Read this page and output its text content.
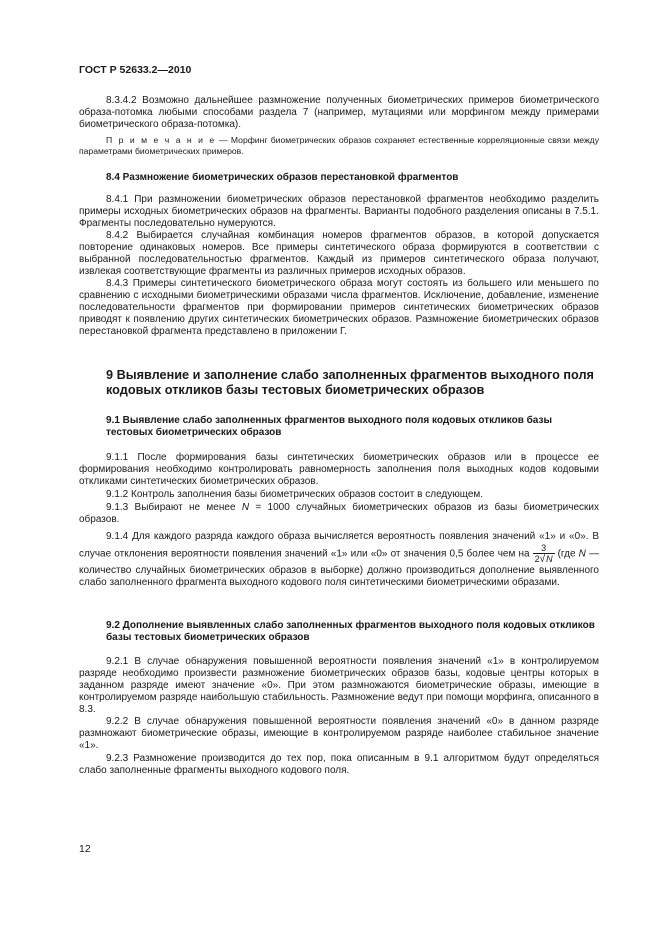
ГОСТ Р 52633.2—2010

8.3.4.2 Возможно дальнейшее размножение полученных биометрических примеров биометрического образа-потомка любыми способами раздела 7 (например, мутациями или морфингом между примерами биометрического образа-потомка).

П р и м е ч а н и е — Морфинг биометрических образов сохраняет естественные корреляционные связи между параметрами биометрических примеров.

8.4 Размножение биометрических образов перестановкой фрагментов

8.4.1 При размножении биометрических образов перестановкой фрагментов необходимо разделить примеры исходных биометрических образов на фрагменты. Варианты подобного разделения описаны в 7.5.1. Фрагменты последовательно нумеруются.

8.4.2 Выбирается случайная комбинация номеров фрагментов образов, в которой допускается повторение одинаковых номеров. Все примеры синтетического образа формируются в соответствии с выбранной последовательностью фрагментов. Каждый из примеров синтетического образа получают, извлекая соответствующие фрагменты из различных примеров исходных образов.

8.4.3 Примеры синтетического биометрического образа могут состоять из большего или меньшего по сравнению с исходными биометрическими образами числа фрагментов. Исключение, добавление, изменение последовательности фрагментов при формировании примеров синтетических биометрических образов приводят к появлению других синтетических биометрических образов. Размножение биометрических образов перестановкой фрагмента представлено в приложении Г.

9 Выявление и заполнение слабо заполненных фрагментов выходного поля кодовых откликов базы тестовых биометрических образов

9.1 Выявление слабо заполненных фрагментов выходного поля кодовых откликов базы тестовых биометрических образов

9.1.1 После формирования базы синтетических биометрических образов или в процессе ее формирования необходимо контролировать равномерность заполнения поля выходных кодов кодовыми откликами синтетических биометрических образов.

9.1.2 Контроль заполнения базы биометрических образов состоит в следующем.

9.1.3 Выбирают не менее N = 1000 случайных биометрических образов из базы биометрических образов.

9.1.4 Для каждого разряда каждого образа вычисляется вероятность появления значений «1» и «0». В случае отклонения вероятности появления значений «1» или «0» от значения 0,5 более чем на $\frac{3}{2√N} (где$ N — количество случайных биометрических образов в выборке) должно производиться дополнение выявленного слабо заполненного фрагмента выходного кодового поля синтетическими биометрическими образами.

9.2 Дополнение выявленных слабо заполненных фрагментов выходного поля кодовых откликов базы тестовых биометрических образов

9.2.1 В случае обнаружения повышенной вероятности появления значений «1» в контролируемом разряде необходимо произвести размножение биометрических образов базы, кодовые центры которых в заданном разряде имеют значение «0». При этом размножаются биометрические образы, имеющие в контролируемом разряде наибольшую стабильность. Размножение ведут при помощи морфинга, описанного в 8.3.

9.2.2 В случае обнаружения повышенной вероятности появления значений «0» в данном разряде размножают биометрические образы, имеющие в контролируемом разряде наиболее стабильное значение «1».

9.2.3 Размножение производится до тех пор, пока описанным в 9.1 алгоритмом будут определяться слабо заполненные фрагменты выходного кодового поля.

12
